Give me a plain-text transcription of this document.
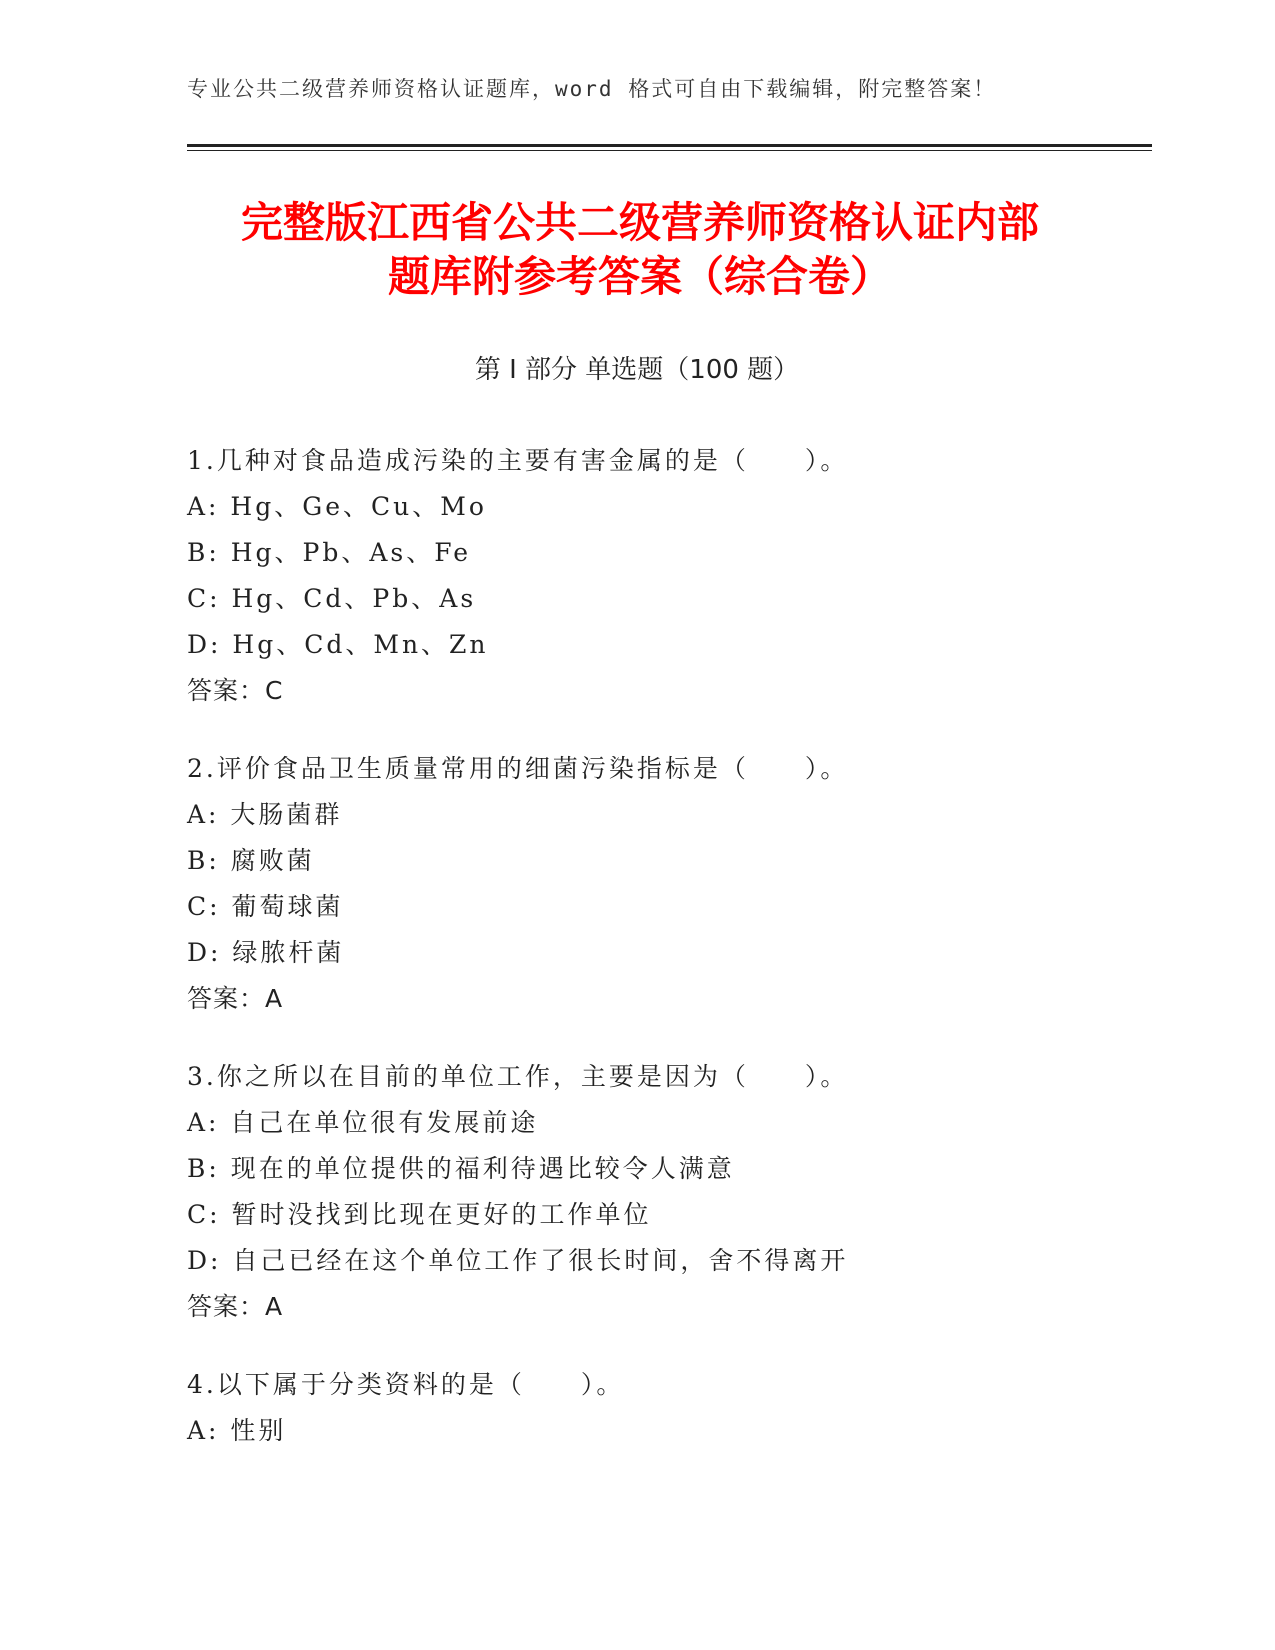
专业公共二级营养师资格认证题库，word 格式可自由下载编辑，附完整答案！
完整版江西省公共二级营养师资格认证内部
题库附参考答案（综合卷）
第 I 部分 单选题（100 题）
1.几种对食品造成污染的主要有害金属的是（　　）。
A: Hg、Ge、Cu、Mo
B: Hg、Pb、As、Fe
C: Hg、Cd、Pb、As
D: Hg、Cd、Mn、Zn
答案：C
2.评价食品卫生质量常用的细菌污染指标是（　　）。
A: 大肠菌群
B: 腐败菌
C: 葡萄球菌
D: 绿脓杆菌
答案：A
3.你之所以在目前的单位工作，主要是因为（　　）。
A: 自己在单位很有发展前途
B: 现在的单位提供的福利待遇比较令人满意
C: 暂时没找到比现在更好的工作单位
D: 自己已经在这个单位工作了很长时间，舍不得离开
答案：A
4.以下属于分类资料的是（　　）。
A: 性别
